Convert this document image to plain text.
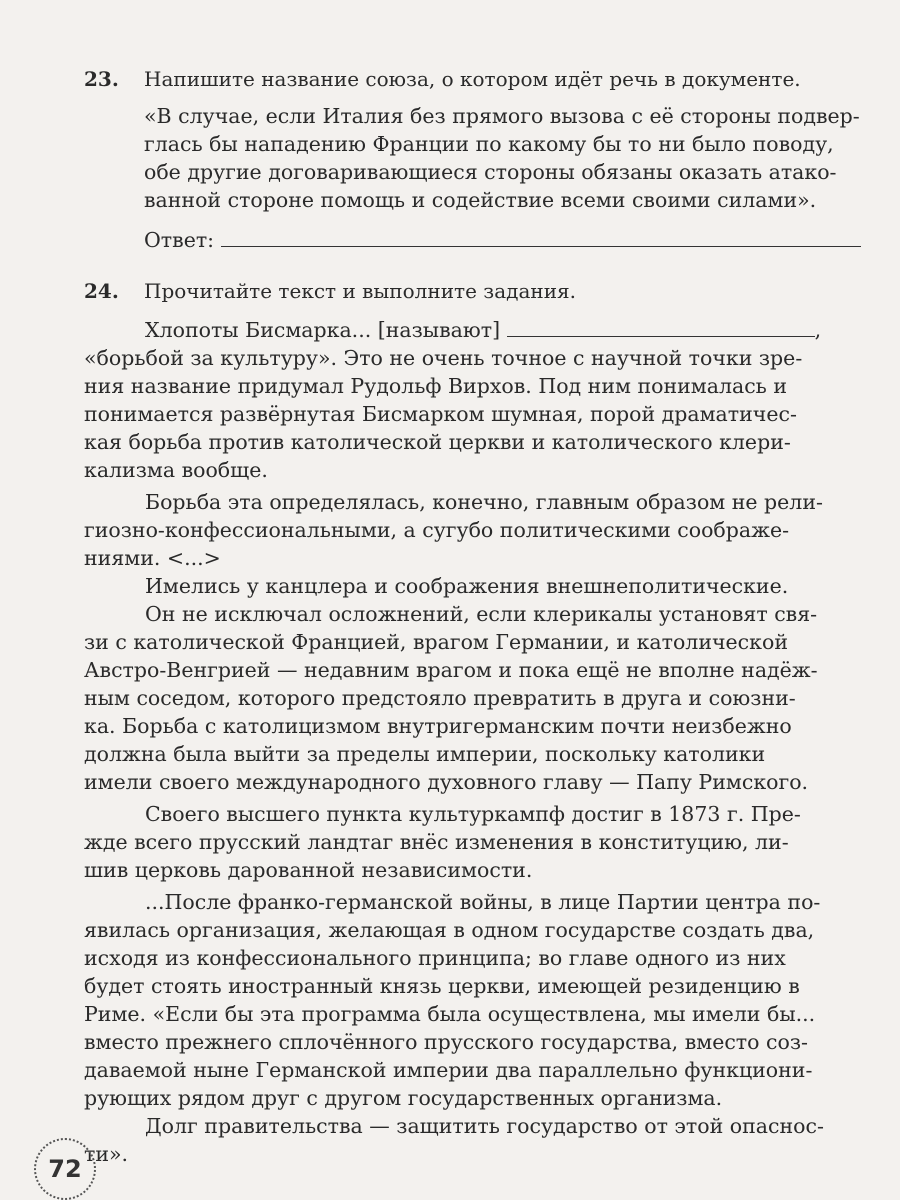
23. Напишите название союза, о котором идёт речь в документе.
«В случае, если Италия без прямого вызова с её стороны подвер-
глась бы нападению Франции по какому бы то ни было поводу,
обе другие договаривающиеся стороны обязаны оказать атако-
ванной стороне помощь и содействие всеми своими силами».
Ответ:
24. Прочитайте текст и выполните задания.
Хлопоты Бисмарка... [называют]	,
«борьбой за культуру». Это не очень точное с научной точки зре-
ния название придумал Рудольф Вирхов. Под ним понималась и
понимается развёрнутая Бисмарком шумная, порой драматичес-
кая борьба против католической церкви и католического клери-
кализма вообще.
Борьба эта определялась, конечно, главным образом не рели-
гиозно-конфессиональными, а сугубо политическими соображе-
ниями. <...>
Имелись у канцлера и соображения внешнеполитические.
Он не исключал осложнений, если клерикалы установят свя-
зи с католической Францией, врагом Германии, и католической
Австро-Венгрией — недавним врагом и пока ещё не вполне надёж-
ным соседом, которого предстояло превратить в друга и союзни-
ка. Борьба с католицизмом внутригерманским почти неизбежно
должна была выйти за пределы империи, поскольку католики
имели своего международного духовного главу — Папу Римского.
Своего высшего пункта культуркампф достиг в 1873 г. Пре-
жде всего прусский ландтаг внёс изменения в конституцию, ли-
шив церковь дарованной независимости.
...После франко-германской войны, в лице Партии центра по-
явилась организация, желающая в одном государстве создать два,
исходя из конфессионального принципа; во главе одного из них
будет стоять иностранный князь церкви, имеющей резиденцию в
Риме. «Если бы эта программа была осуществлена, мы имели бы...
вместо прежнего сплочённого прусского государства, вместо соз-
даваемой ныне Германской империи два параллельно функциони-
рующих рядом друг с другом государственных организма.
Долг правительства — защитить государство от этой опаснос-
ти».
72
